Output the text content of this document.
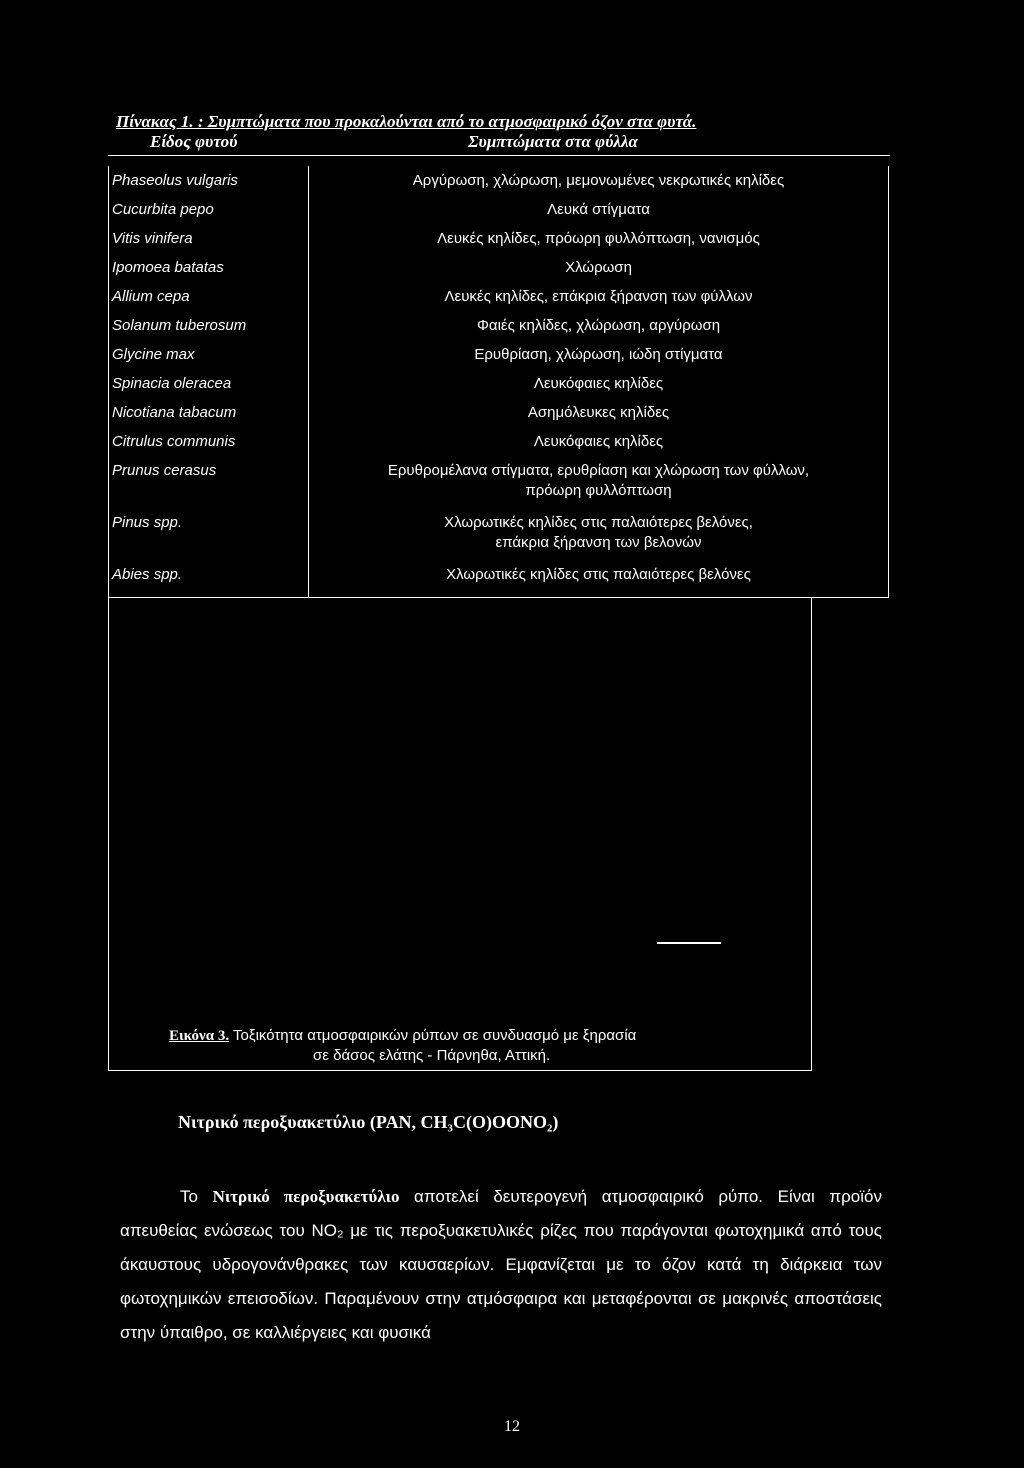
Πίνακας 1. : Συμπτώματα που προκαλούνται από το ατμοσφαιρικό όζον στα φυτά.
Είδος φυτού	Συμπτώματα στα φύλλα
Phaseolus vulgaris	Αργύρωση, χλώρωση, μεμονωμένες νεκρωτικές κηλίδες
Cucurbita pepo	Λευκά στίγματα
Vitis vinifera	Λευκές κηλίδες, πρόωρη φυλλόπτωση, νανισμός
Ipomoea batatas	Χλώρωση
Allium cepa	Λευκές κηλίδες, επάκρια ξήρανση των φύλλων
Solanum tuberosum	Φαιές κηλίδες, χλώρωση, αργύρωση
Glycine max	Ερυθρίαση, χλώρωση, ιώδη στίγματα
Spinacia oleracea	Λευκόφαιες κηλίδες
Nicotiana tabacum	Ασημόλευκες κηλίδες
Citrulus communis	Λευκόφαιες κηλίδες
Prunus cerasus	Ερυθρομέλανα στίγματα, ερυθρίαση και χλώρωση των φύλλων,
πρόωρη φυλλόπτωση

Pinus spp.	Χλωρωτικές κηλίδες στις παλαιότερες βελόνες,
επάκρια ξήρανση των βελονών

Abies spp.	Χλωρωτικές κηλίδες στις παλαιότερες βελόνες
Εικόνα 3. Τοξικότητα ατμοσφαιρικών ρύπων σε συνδυασμό με ξηρασία
σε δάσος ελάτης - Πάρνηθα, Αττική.
Νιτρικό περοξυακετύλιο (PAN, CH₃C(O)OONO₂)
Το Νιτρικό περοξυακετύλιο αποτελεί δευτερογενή ατμοσφαιρικό ρύπο. Είναι προϊόν απευθείας ενώσεως του NO₂ με τις περοξυακετυλικές ρίζες που παράγονται φωτοχημικά από τους άκαυστους υδρογονάνθρακες των καυσαερίων. Εμφανίζεται με το όζον κατά τη διάρκεια των φωτοχημικών επεισοδίων. Παραμένουν στην ατμόσφαιρα και μεταφέρονται σε μακρινές αποστάσεις στην ύπαιθρο, σε καλλιέργειες και φυσικά
12
